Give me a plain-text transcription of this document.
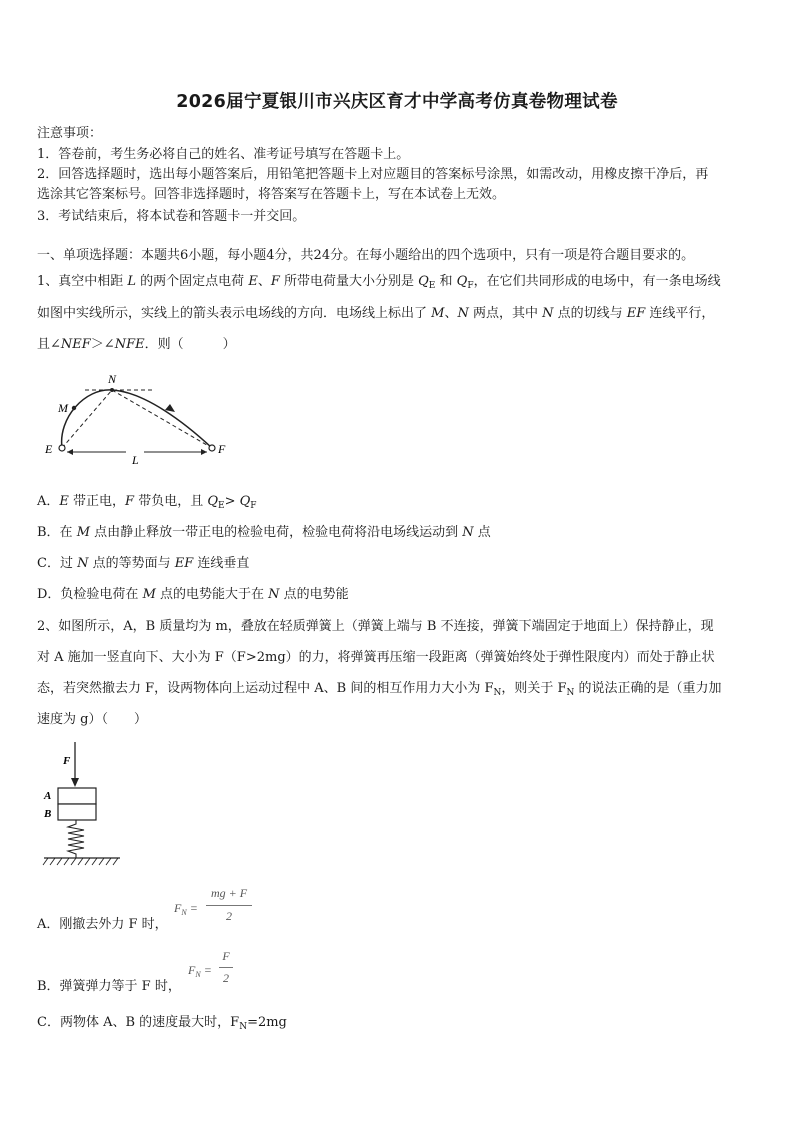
2026届宁夏银川市兴庆区育才中学高考仿真卷物理试卷
注意事项：
1．答卷前，考生务必将自己的姓名、准考证号填写在答题卡上。
2．回答选择题时，选出每小题答案后，用铅笔把答题卡上对应题目的答案标号涂黑，如需改动，用橡皮擦干净后，再
选涂其它答案标号。回答非选择题时，将答案写在答题卡上，写在本试卷上无效。
3．考试结束后，将本试卷和答题卡一并交回。
一、单项选择题：本题共6小题，每小题4分，共24分。在每小题给出的四个选项中，只有一项是符合题目要求的。
1、真空中相距 L 的两个固定点电荷 E、F 所带电荷量大小分别是 $Q_E$ 和 $Q_F$，在它们共同形成的电场中，有一条电场线
如图中实线所示，实线上的箭头表示电场线的方向．电场线上标出了 M、N 两点，其中 N 点的切线与 EF 连线平行，
且∠NEF＞∠NFE．则（　　　）
N
M
E	F
L
A．E 带正电，F 带负电，且 $Q_E> Q_F$
B．在 M 点由静止释放一带正电的检验电荷，检验电荷将沿电场线运动到 N 点
C．过 N 点的等势面与 EF 连线垂直
D．负检验电荷在 M 点的电势能大于在 N 点的电势能
2、如图所示，A，B 质量均为 m，叠放在轻质弹簧上（弹簧上端与 B 不连接，弹簧下端固定于地面上）保持静止，现
对 A 施加一竖直向下、大小为 F（F>2mg）的力，将弹簧再压缩一段距离（弹簧始终处于弹性限度内）而处于静止状
态，若突然撤去力 F，设两物体向上运动过程中 A、B 间的相互作用力大小为 $F_N$，则关于 $F_N$ 的说法正确的是（重力加
速度为 g）（　　）
F
A
B
A．刚撤去外力 F 时，
$F_N$ =
mg + F
2
B．弹簧弹力等于 F 时，
$F_N$ =
F
2
C．两物体 A、B 的速度最大时，$F_N=2mg$
